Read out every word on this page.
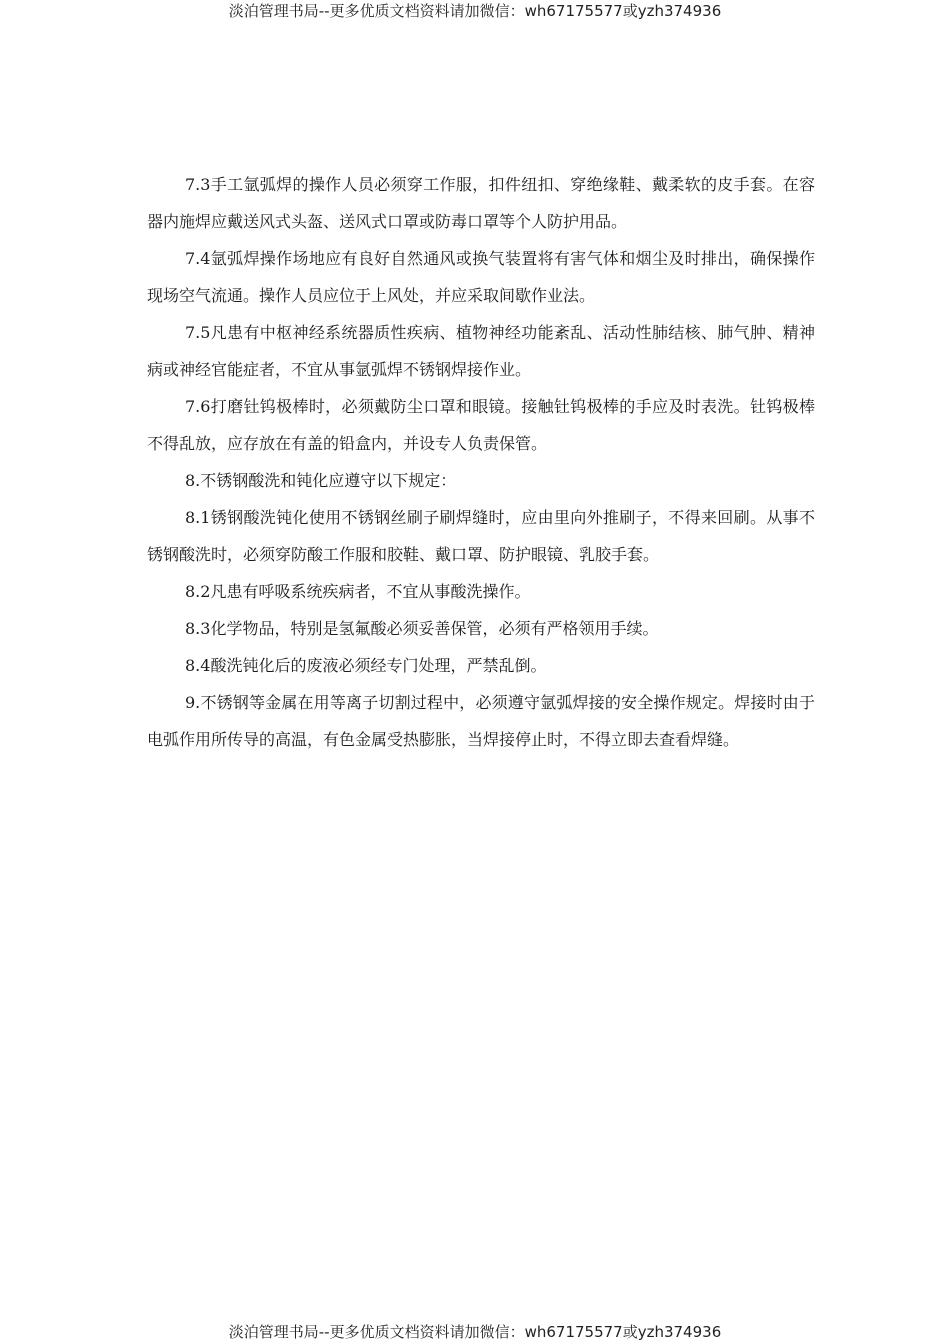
淡泊管理书局--更多优质文档资料请加微信：wh67175577或yzh374936

7.3手工氩弧焊的操作人员必须穿工作服，扣件纽扣、穿绝缘鞋、戴柔软的皮手套。在容器内施焊应戴送风式头盔、送风式口罩或防毒口罩等个人防护用品。

7.4氩弧焊操作场地应有良好自然通风或换气装置将有害气体和烟尘及时排出，确保操作现场空气流通。操作人员应位于上风处，并应采取间歇作业法。

7.5凡患有中枢神经系统器质性疾病、植物神经功能紊乱、活动性肺结核、肺气肿、精神病或神经官能症者，不宜从事氩弧焊不锈钢焊接作业。

7.6打磨钍钨极棒时，必须戴防尘口罩和眼镜。接触钍钨极棒的手应及时表洗。钍钨极棒不得乱放，应存放在有盖的铅盒内，并设专人负责保管。

8.不锈钢酸洗和钝化应遵守以下规定：

8.1锈钢酸洗钝化使用不锈钢丝刷子刷焊缝时，应由里向外推刷子，不得来回刷。从事不锈钢酸洗时，必须穿防酸工作服和胶鞋、戴口罩、防护眼镜、乳胶手套。

8.2凡患有呼吸系统疾病者，不宜从事酸洗操作。

8.3化学物品，特别是氢氟酸必须妥善保管，必须有严格领用手续。

8.4酸洗钝化后的废液必须经专门处理，严禁乱倒。

9.不锈钢等金属在用等离子切割过程中，必须遵守氩弧焊接的安全操作规定。焊接时由于电弧作用所传导的高温，有色金属受热膨胀，当焊接停止时，不得立即去查看焊缝。

淡泊管理书局--更多优质文档资料请加微信：wh67175577或yzh374936
